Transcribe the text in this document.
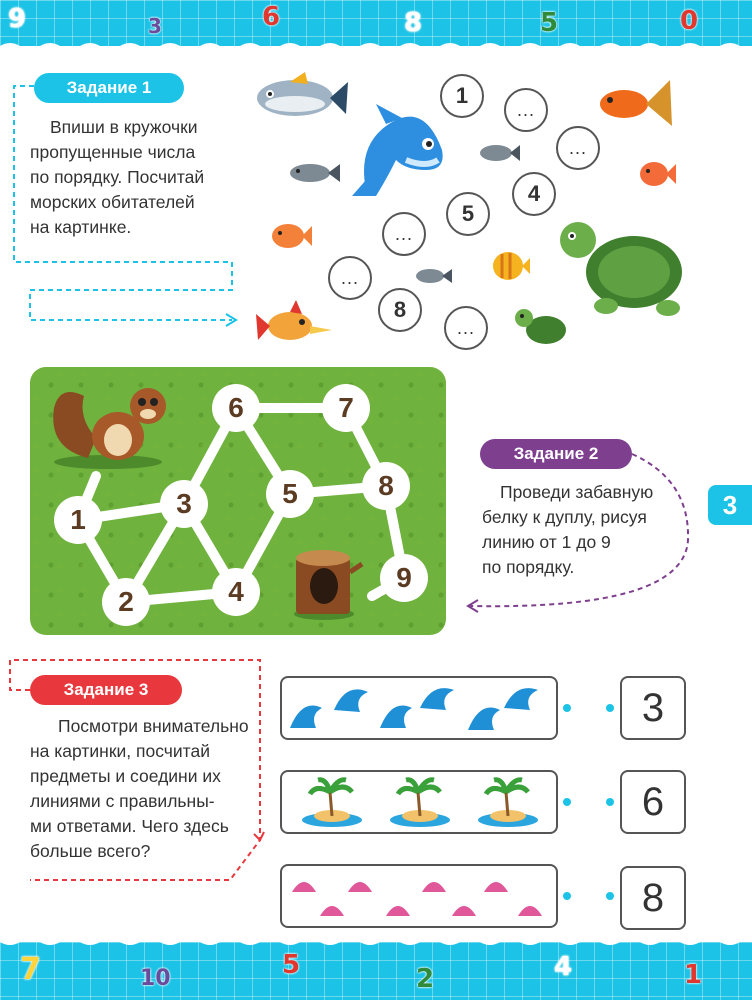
9	3	6	8	5	0
Задание 1
Впиши в кружочки
пропущенные числа
по порядку. Посчитай
морских обитателей
на картинке.
1
...
...
5
4
...
...
8
...
1
2
3
4
5
6	7
8
9
Задание 2
Проведи забавную
белку к дуплу, рисуя
линию от 1 до 9
по порядку.
3
Задание 3
Посмотри внимательно
на картинки, посчитай
предметы и соедини их
линиями с правильны-
ми ответами. Чего здесь
больше всего?
3
6
8
7	10	5	2	4	1
